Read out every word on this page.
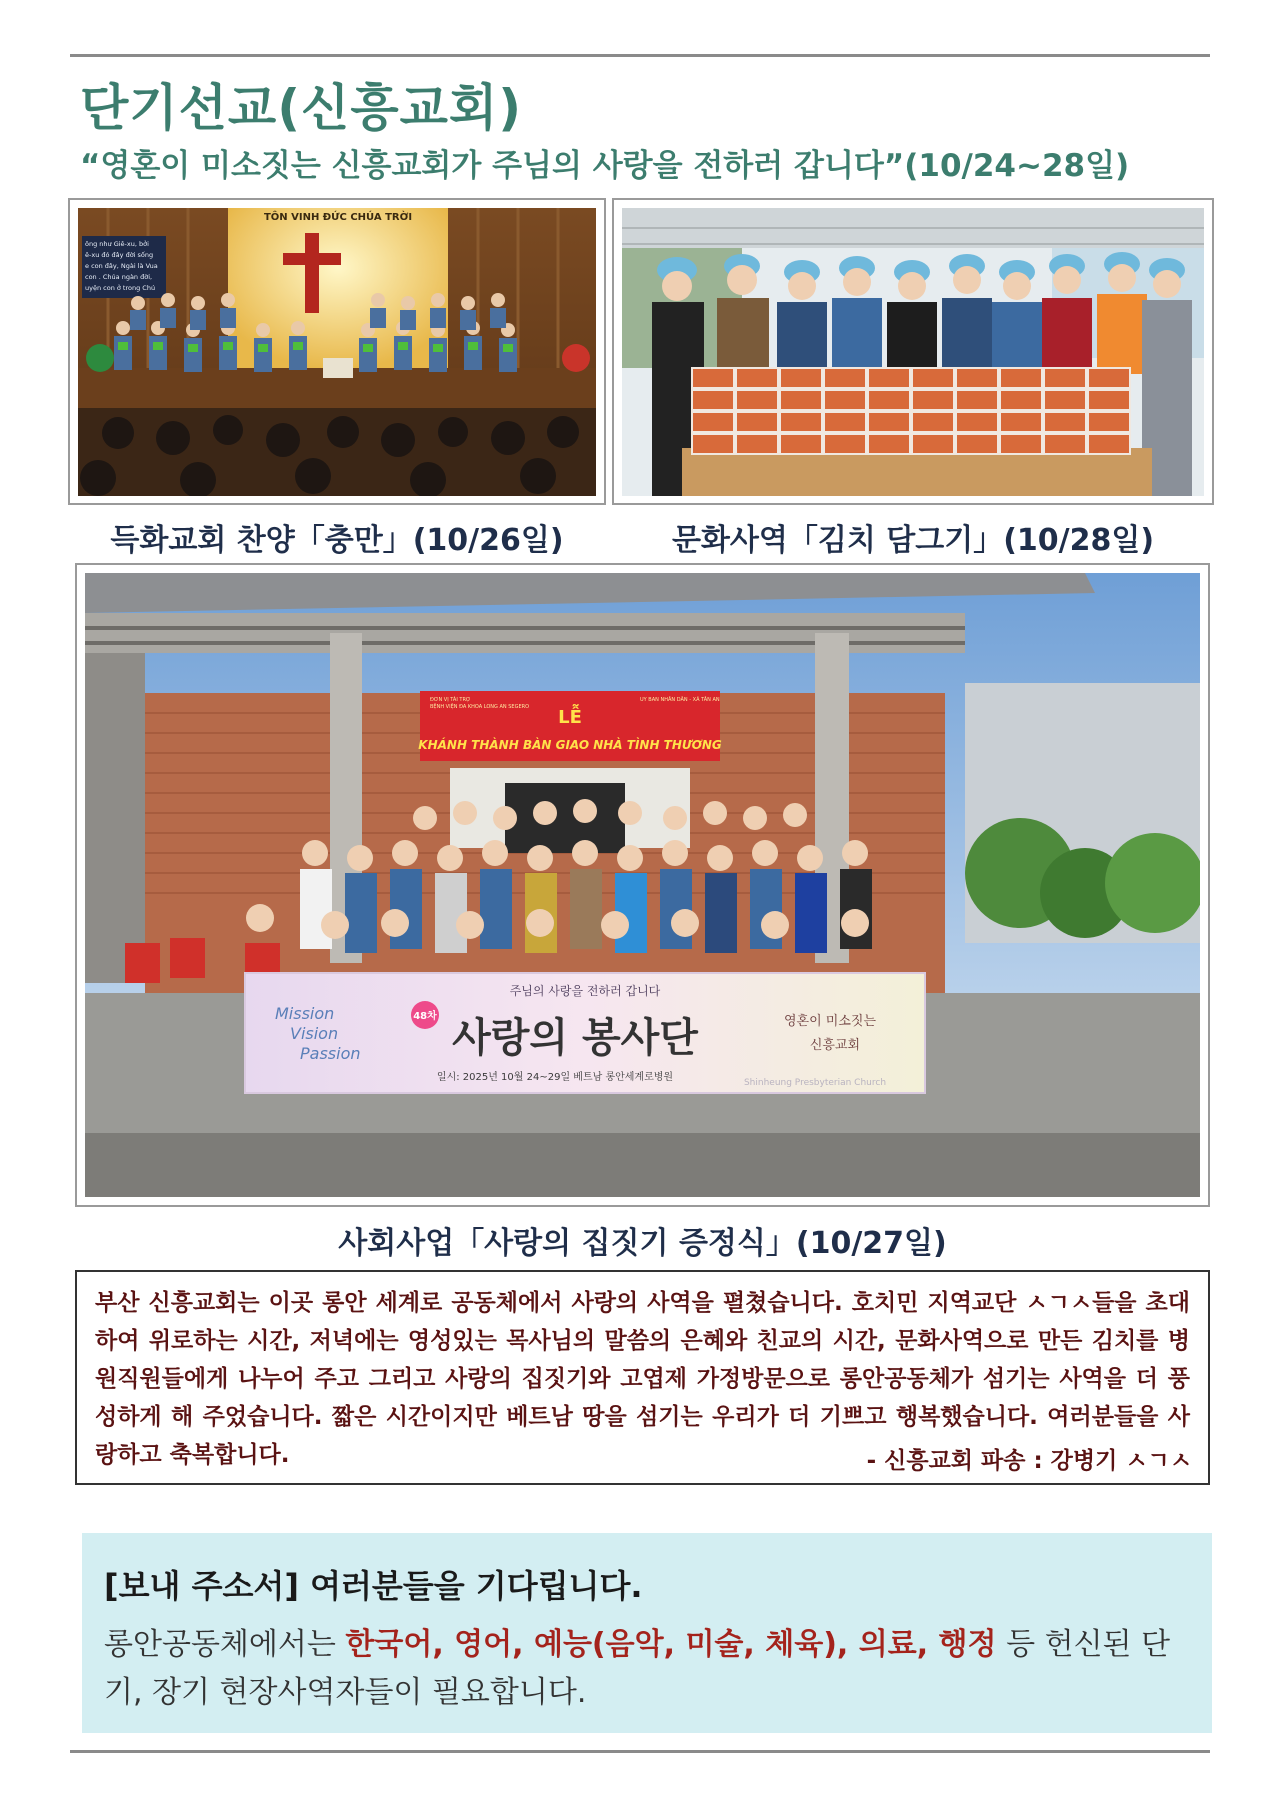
단기선교(신흥교회)
“영혼이 미소짓는 신흥교회가 주님의 사랑을 전하러 갑니다”(10/24~28일)
TÔN VINH ĐỨC CHÚA TRỜI
ông như Giê-xu, bởi
ê-xu đó đây đời sống
e con đây, Ngài là Vua
con . Chúa ngàn đời,
uyện con ở trong Chú
득화교회 찬양「충만」(10/26일)	문화사역「김치 담그기」(10/28일)
ĐƠN VỊ TÀI TRỢ
BỆNH VIỆN ĐA KHOA LONG AN SEGERO
UY BAN NHÂN DÂN - XÃ TÂN AN
LỄ
KHÁNH THÀNH BÀN GIAO NHÀ TÌNH THƯƠNG
주님의 사랑을 전하러 갑니다
Mission
Vision
Passion
48차 사랑의 봉사단	영혼이 미소짓는
신흥교회
일시: 2025년 10월 24~29일 베트남 롱안세계로병원	Shinheung Presbyterian Church
사회사업「사랑의 집짓기 증정식」(10/27일)

부산 신흥교회는 이곳 롱안 세계로 공동체에서 사랑의 사역을 펼쳤습니다. 호치민 지역교단 ㅅㄱㅅ들을 초대하여 위로하는 시간, 저녁에는 영성있는 목사님의 말씀의 은혜와 친교의 시간, 문화사역으로 만든 김치를 병원직원들에게 나누어 주고 그리고 사랑의 집짓기와 고엽제 가정방문으로 롱안공동체가 섬기는 사역을 더 풍성하게 해 주었습니다. 짧은 시간이지만 베트남 땅을 섬기는 우리가 더 기쁘고 행복했습니다. 여러분들을 사랑하고 축복합니다.	- 신흥교회 파송 : 강병기 ㅅㄱㅅ
[보내 주소서] 여러분들을 기다립니다.
롱안공동체에서는 한국어, 영어, 예능(음악, 미술, 체육), 의료, 행정 등 헌신된 단기, 장기 현장사역자들이 필요합니다.
